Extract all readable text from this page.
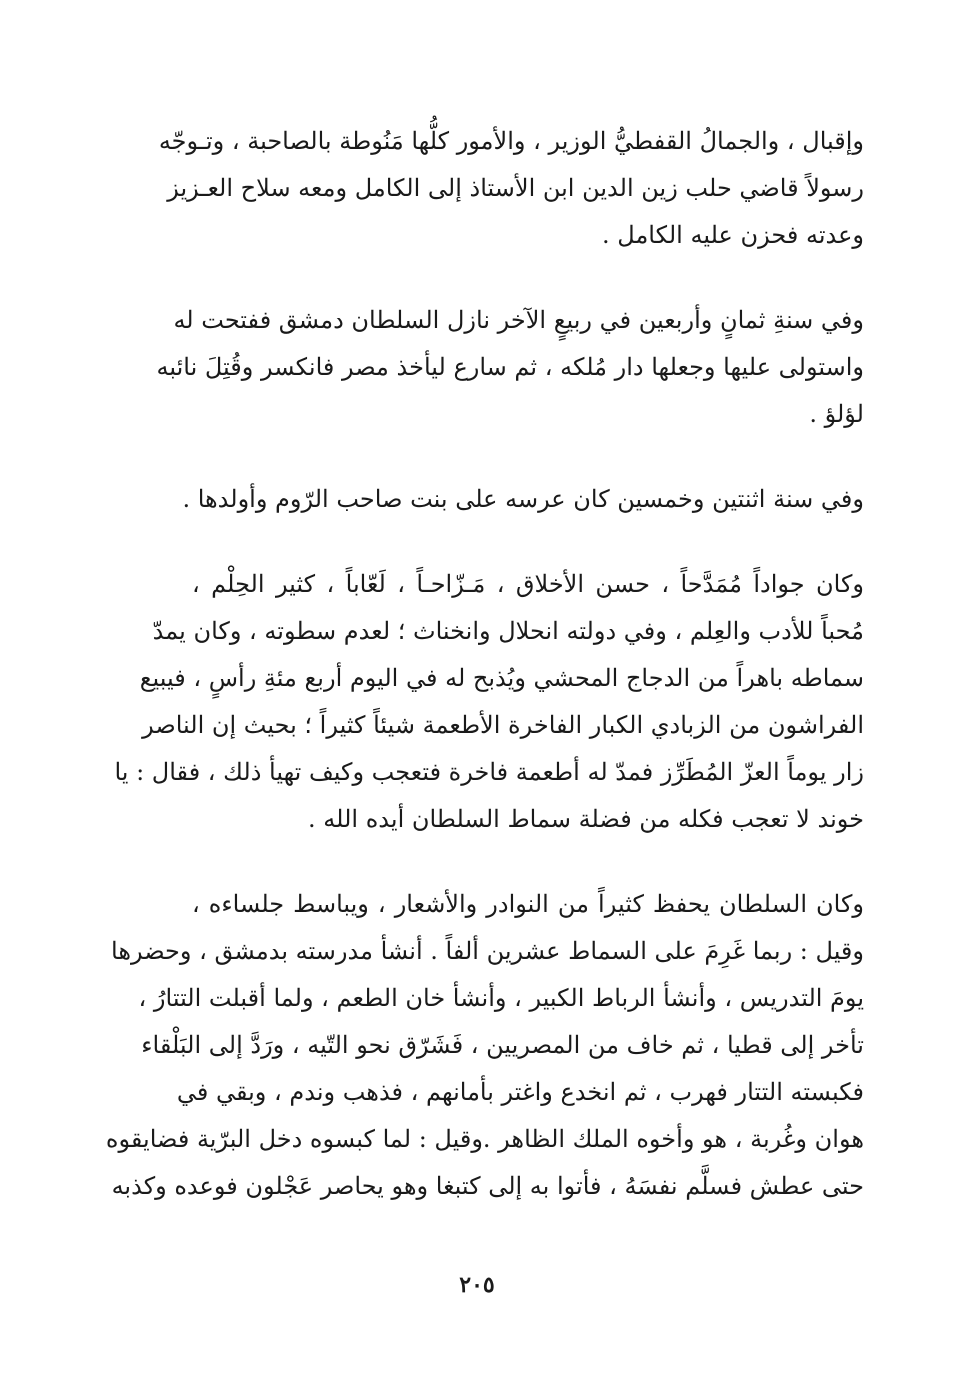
وإقبال ، والجمالُ القفطيُّ الوزير ، والأمور كلُّها مَنُوطة بالصاحبة ، وتـوجّه
رسولاً قاضي حلب زين الدين ابن الأستاذ إلى الكامل ومعه سلاح العـزيز
وعدته فحزن عليه الكامل .
وفي سنةِ ثمانٍ وأربعين في ربيعٍ الآخر نازل السلطان دمشق ففتحت له
واستولى عليها وجعلها دار مُلكه ، ثم سارع ليأخذ مصر فانكسر وقُتِلَ نائبه
لؤلؤ .
وفي سنة اثنتين وخمسين كان عرسه على بنت صاحب الرّوم وأولدها .
وكان جواداً مُمَدَّحاً ، حسن الأخلاق ، مَـزّاحـاً ، لَعّاباً ، كثير الحِلْم ،
مُحباً للأدب والعِلم ، وفي دولته انحلال وانخناث ؛ لعدم سطوته ، وكان يمدّ
سماطه باهراً من الدجاج المحشي ويُذبح له في اليوم أربع مئةِ رأسٍ ، فيبيع
الفراشون من الزبادي الكبار الفاخرة الأطعمة شيئاً كثيراً ؛ بحيث إن الناصر
زار يوماً العزّ المُطَرِّز فمدّ له أطعمة فاخرة فتعجب وكيف تهيأ ذلك ، فقال : يا
خوند لا تعجب فكله من فضلة سماط السلطان أيده الله .
وكان السلطان يحفظ كثيراً من النوادر والأشعار ، ويباسط جلساءه ،
وقيل : ربما غَرِمَ على السماط عشرين ألفاً . أنشأ مدرسته بدمشق ، وحضرها
يومَ التدريس ، وأنشأ الرباط الكبير ، وأنشأ خان الطعم ، ولما أقبلت التتارُ ،
تأخر إلى قطيا ، ثم خاف من المصريين ، فَشَرّق نحو التّيه ، ورَدَّ إلى البَلْقاء
فكبسته التتار فهرب ، ثم انخدع واغتر بأمانهم ، فذهب وندم ، وبقي في
هوان وغُربة ، هو وأخوه الملك الظاهر .وقيل : لما كبسوه دخل البرّية فضايقوه
حتى عطش فسلَّم نفسَهُ ، فأتوا به إلى كتبغا وهو يحاصر عَجْلون فوعده وكذبه
٢٠٥
